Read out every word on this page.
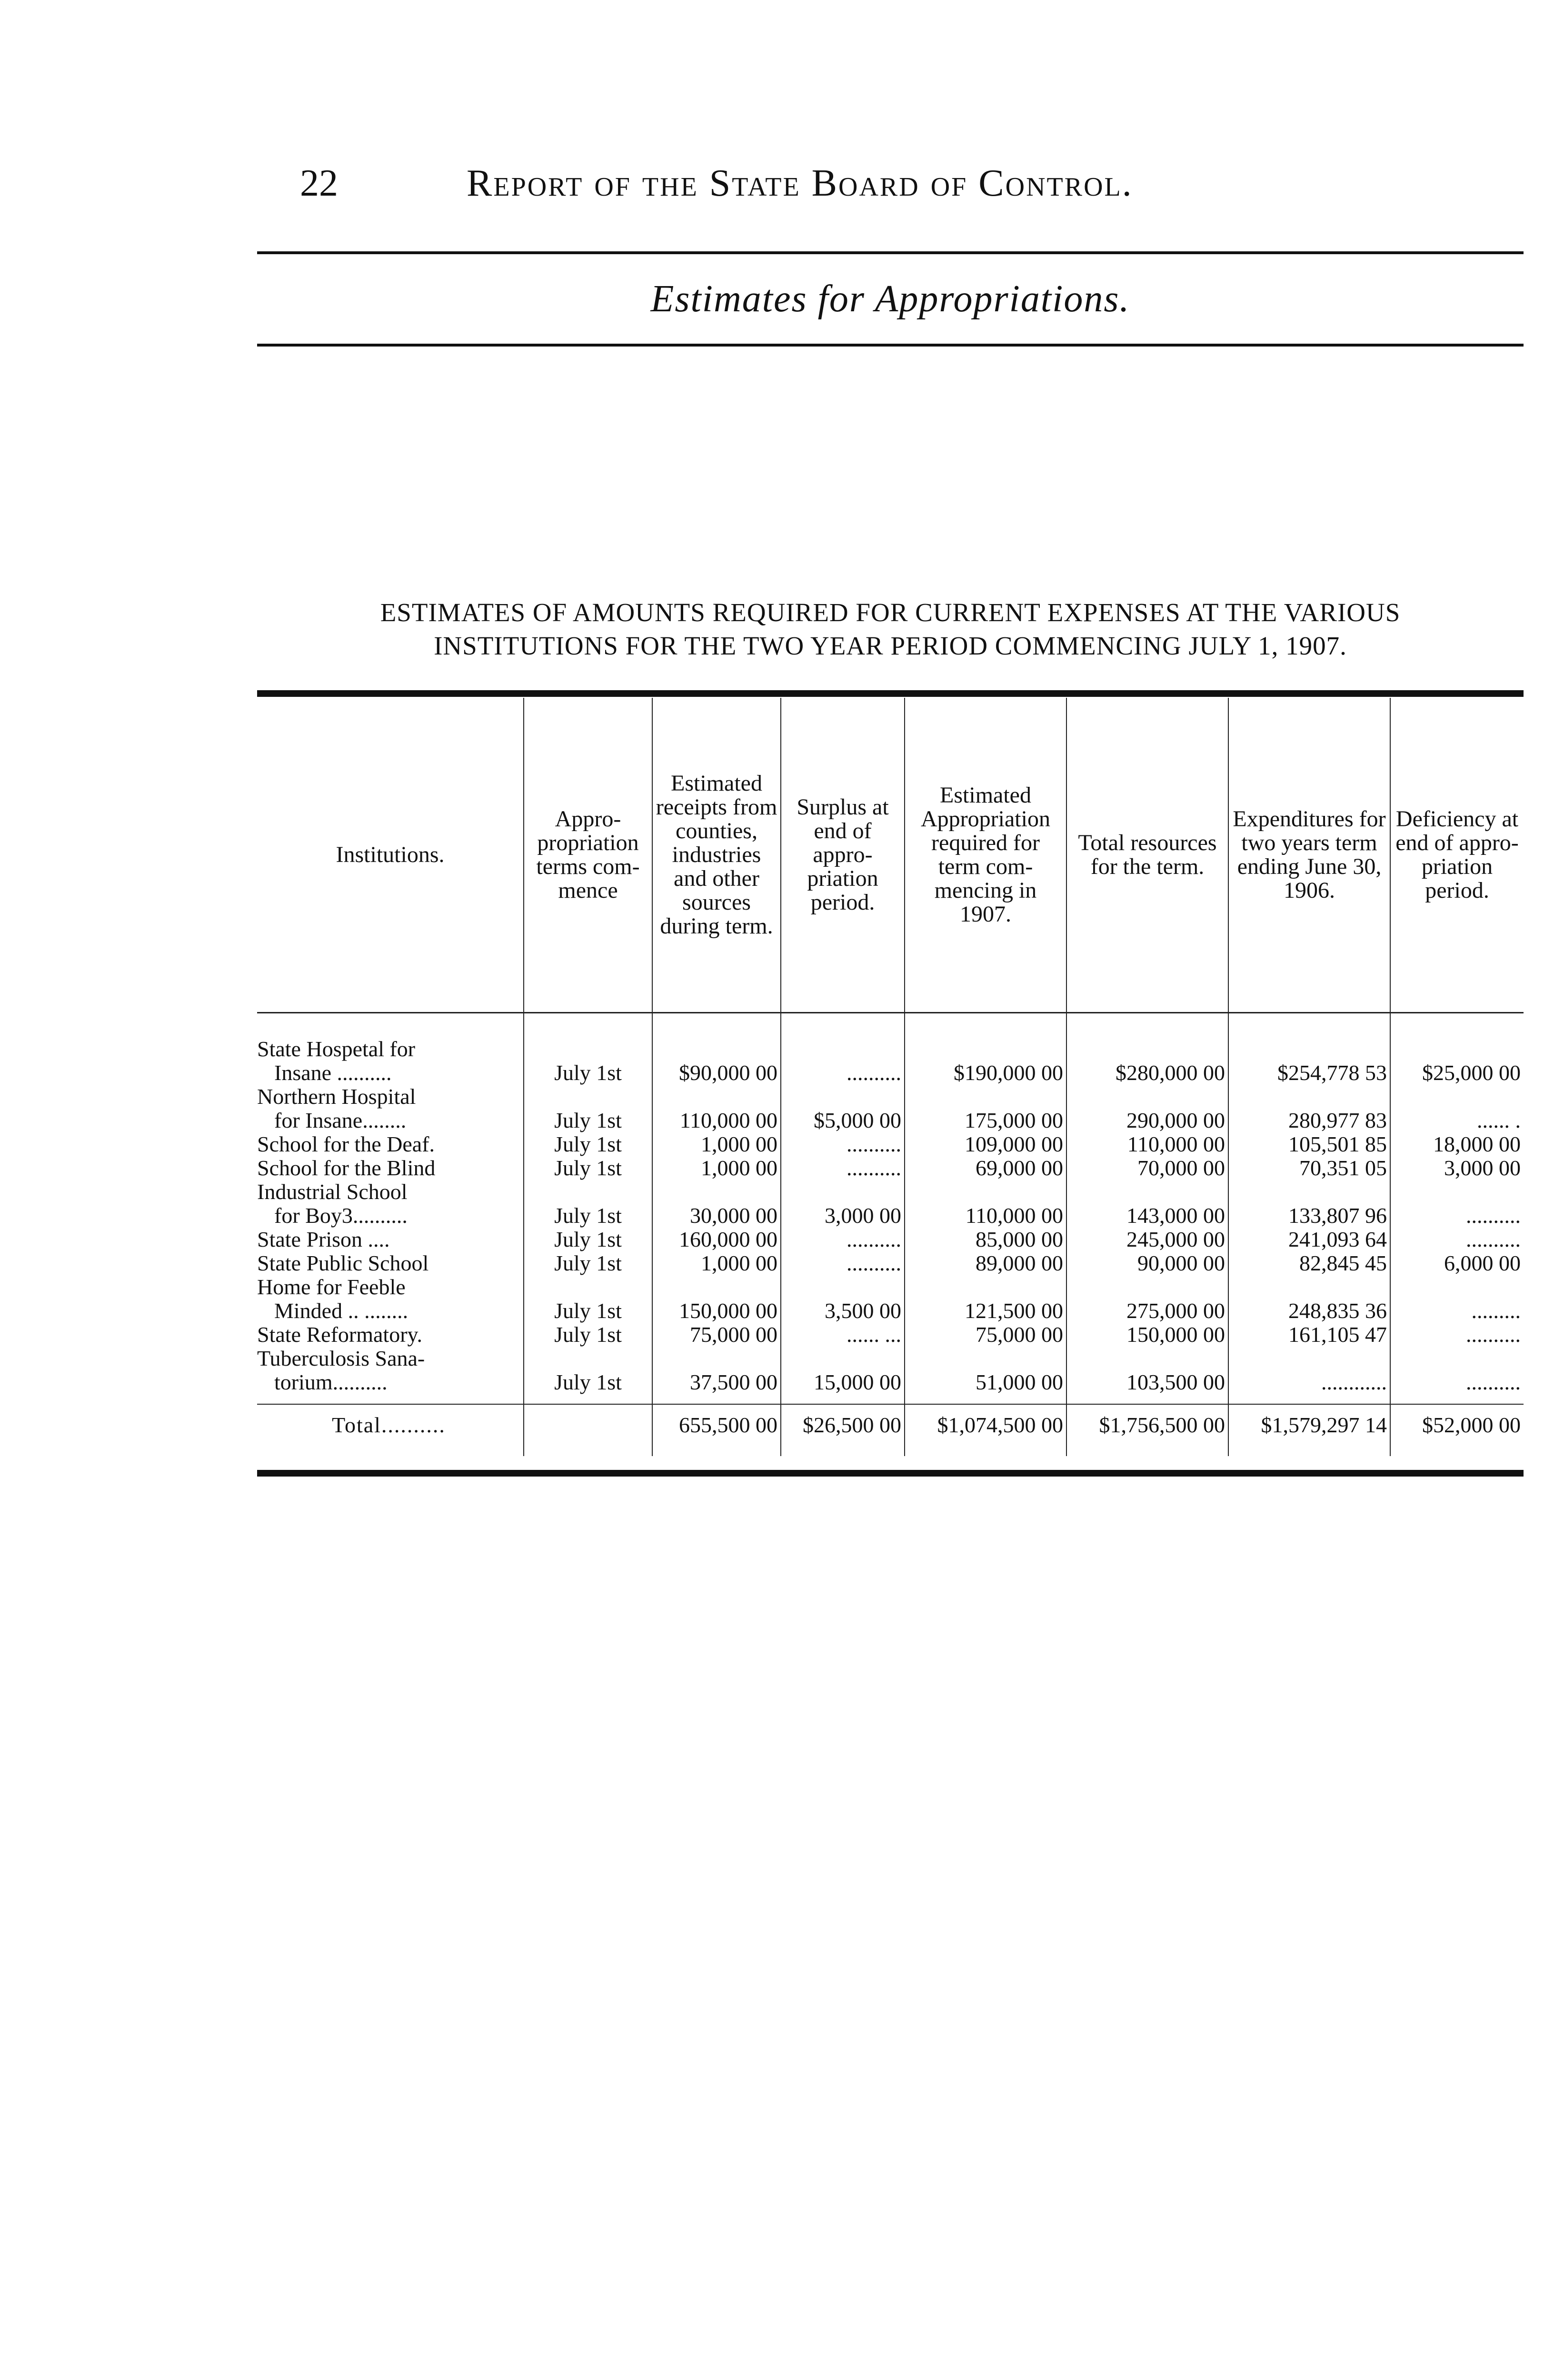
22	Report of the State Board of Control.
Estimates for Appropriations.
ESTIMATES OF AMOUNTS REQUIRED FOR CURRENT EXPENSES AT THE VARIOUS
INSTITUTIONS FOR THE TWO YEAR PERIOD COMMENCING JULY 1, 1907.
Institutions.	Appropropriation terms commence	Estimated receipts from counties, industries and other sources during term.	Surplus at end of appropriation period.	Estimated Appropriation required for term commencing in 1907.	Total resources for the term.	Expenditures for two years term ending June 30, 1906.	Deficiency at end of appropriation period.

State Hospetal for
Insane ..........	July 1st	$90,000 00	..........	$190,000 00	$280,000 00	$254,778 53	$25,000 00

Northern Hospital
for Insane........	July 1st	110,000 00	$5,000 00	175,000 00	290,000 00	280,977 83	...... .

School for the Deaf.	July 1st	1,000 00	..........	109,000 00	110,000 00	105,501 85	18,000 00

School for the Blind	July 1st	1,000 00	..........	69,000 00	70,000 00	70,351 05	3,000 00

Industrial School
for Boy3..........	July 1st	30,000 00	3,000 00	110,000 00	143,000 00	133,807 96	..........

State Prison ....	July 1st	160,000 00	..........	85,000 00	245,000 00	241,093 64	..........

State Public School	July 1st	1,000 00	..........	89,000 00	90,000 00	82,845 45	6,000 00

Home for Feeble
Minded .. ........	July 1st	150,000 00	3,500 00	121,500 00	275,000 00	248,835 36	.........

State Reformatory.	July 1st	75,000 00	...... ...	75,000 00	150,000 00	161,105 47	..........

Tuberculosis Sana-
torium..........	July 1st	37,500 00	15,000 00	51,000 00	103,500 00	............	..........
Total..........		655,500 00	$26,500 00	$1,074,500 00	$1,756,500 00	$1,579,297 14	$52,000 00
